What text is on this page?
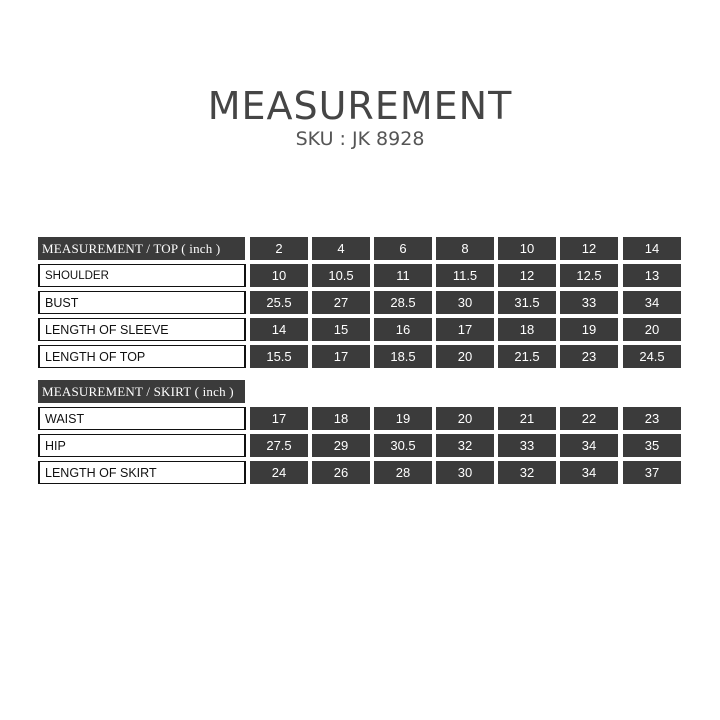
MEASUREMENT
SKU : JK 8928
MEASUREMENT / TOP ( inch )	2	4	6	8	10	12	14
SHOULDER	10	10.5	11	11.5	12	12.5	13
BUST	25.5	27	28.5	30	31.5	33	34
LENGTH OF SLEEVE	14	15	16	17	18	19	20
LENGTH OF TOP	15.5	17	18.5	20	21.5	23	24.5
MEASUREMENT / SKIRT ( inch )
WAIST	17	18	19	20	21	22	23
HIP	27.5	29	30.5	32	33	34	35
LENGTH OF SKIRT	24	26	28	30	32	34	37
